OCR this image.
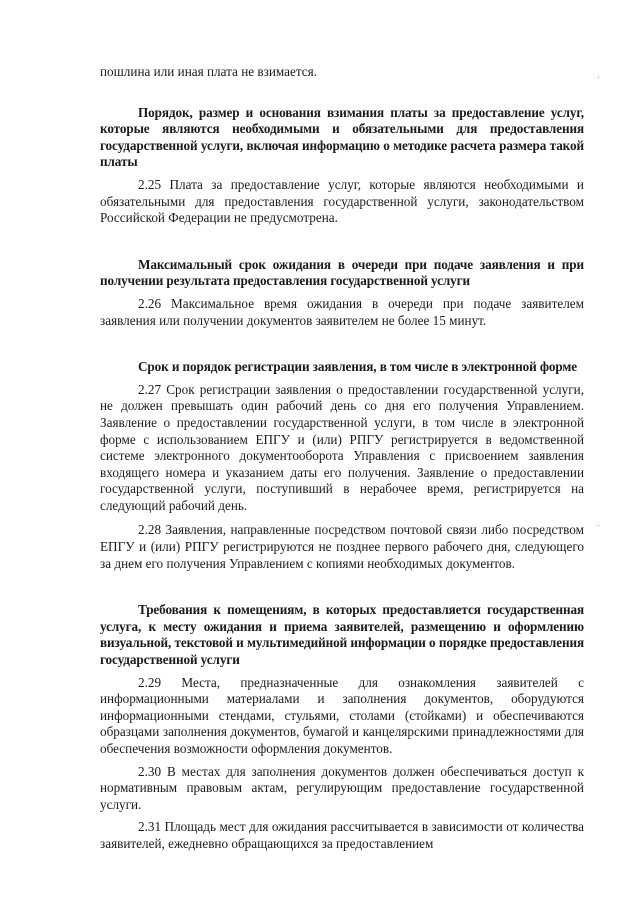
.
·

пошлина или иная плата не взимается.

Порядок, размер и основания взимания платы за предоставление услуг, которые являются необходимыми и обязательными для предоставления государственной услуги, включая информацию о методике расчета размера такой платы

2.25 Плата за предоставление услуг, которые являются необходимыми и обязательными для предоставления государственной услуги, законодательством Российской Федерации не предусмотрена.

Максимальный срок ожидания в очереди при подаче заявления и при получении результата предоставления государственной услуги

2.26 Максимальное время ожидания в очереди при подаче заявителем заявления или получении документов заявителем не более 15 минут.

Срок и порядок регистрации заявления, в том числе в электронной форме

2.27 Срок регистрации заявления о предоставлении государственной услуги, не должен превышать один рабочий день со дня его получения Управлением. Заявление о предоставлении государственной услуги, в том числе в электронной форме с использованием ЕПГУ и (или) РПГУ регистрируется в ведомственной системе электронного документооборота Управления с присвоением заявления входящего номера и указанием даты его получения. Заявление о предоставлении государственной услуги, поступивший в нерабочее время, регистрируется на следующий рабочий день.

2.28 Заявления, направленные посредством почтовой связи либо посредством ЕПГУ и (или) РПГУ регистрируются не позднее первого рабочего дня, следующего за днем его получения Управлением с копиями необходимых документов.

Требования к помещениям, в которых предоставляется государственная услуга, к месту ожидания и приема заявителей, размещению и оформлению визуальной, текстовой и мультимедийной информации о порядке предоставления государственной услуги

2.29 Места, предназначенные для ознакомления заявителей с информационными материалами и заполнения документов, оборудуются информационными стендами, стульями, столами (стойками) и обеспечиваются образцами заполнения документов, бумагой и канцелярскими принадлежностями для обеспечения возможности оформления документов.

2.30 В местах для заполнения документов должен обеспечиваться доступ к нормативным правовым актам, регулирующим предоставление государственной услуги.

2.31 Площадь мест для ожидания рассчитывается в зависимости от количества заявителей, ежедневно обращающихся за предоставлением
